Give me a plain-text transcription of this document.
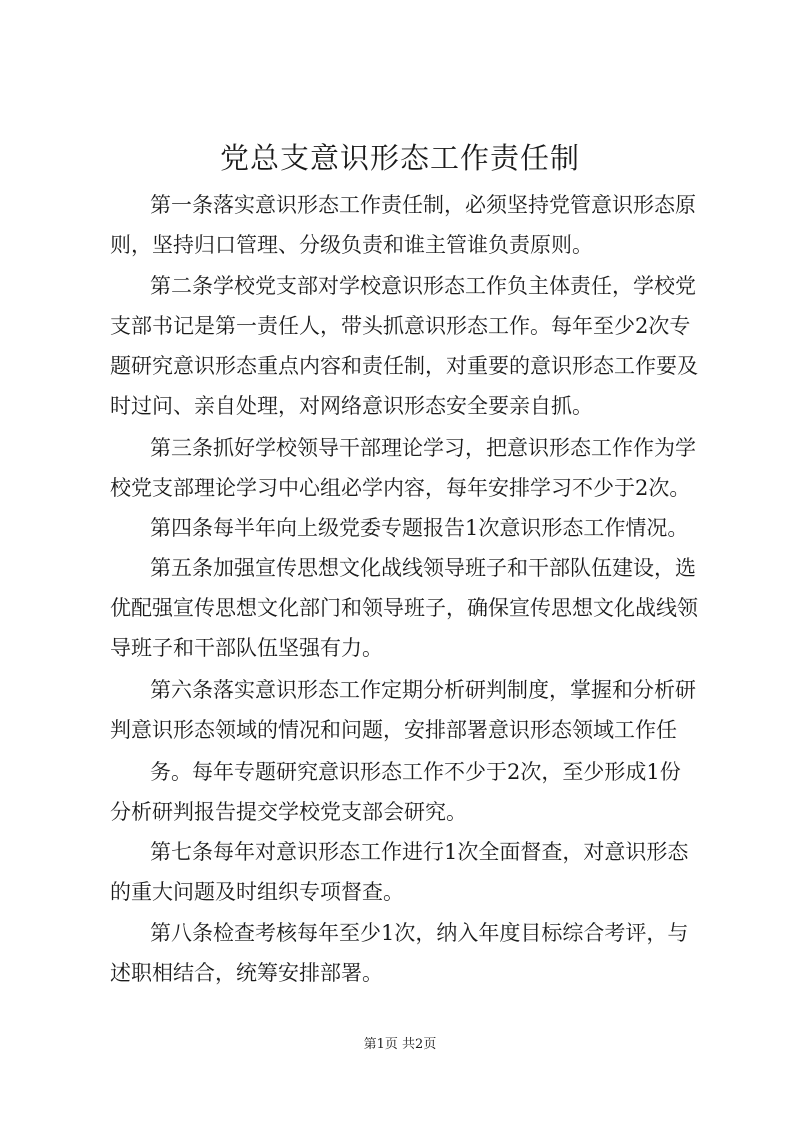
党总支意识形态工作责任制
第一条落实意识形态工作责任制，必须坚持党管意识形态原
则，坚持归口管理、分级负责和谁主管谁负责原则。
第二条学校党支部对学校意识形态工作负主体责任，学校党
支部书记是第一责任人，带头抓意识形态工作。每年至少2次专
题研究意识形态重点内容和责任制，对重要的意识形态工作要及
时过问、亲自处理，对网络意识形态安全要亲自抓。
第三条抓好学校领导干部理论学习，把意识形态工作作为学
校党支部理论学习中心组必学内容，每年安排学习不少于2次。
第四条每半年向上级党委专题报告1次意识形态工作情况。
第五条加强宣传思想文化战线领导班子和干部队伍建设，选
优配强宣传思想文化部门和领导班子，确保宣传思想文化战线领
导班子和干部队伍坚强有力。
第六条落实意识形态工作定期分析研判制度，掌握和分析研
判意识形态领域的情况和问题，安排部署意识形态领域工作任
务。每年专题研究意识形态工作不少于2次，至少形成1份
分析研判报告提交学校党支部会研究。
第七条每年对意识形态工作进行1次全面督查，对意识形态
的重大问题及时组织专项督查。
第八条检查考核每年至少1次，纳入年度目标综合考评，与
述职相结合，统筹安排部署。
第1页 共2页
